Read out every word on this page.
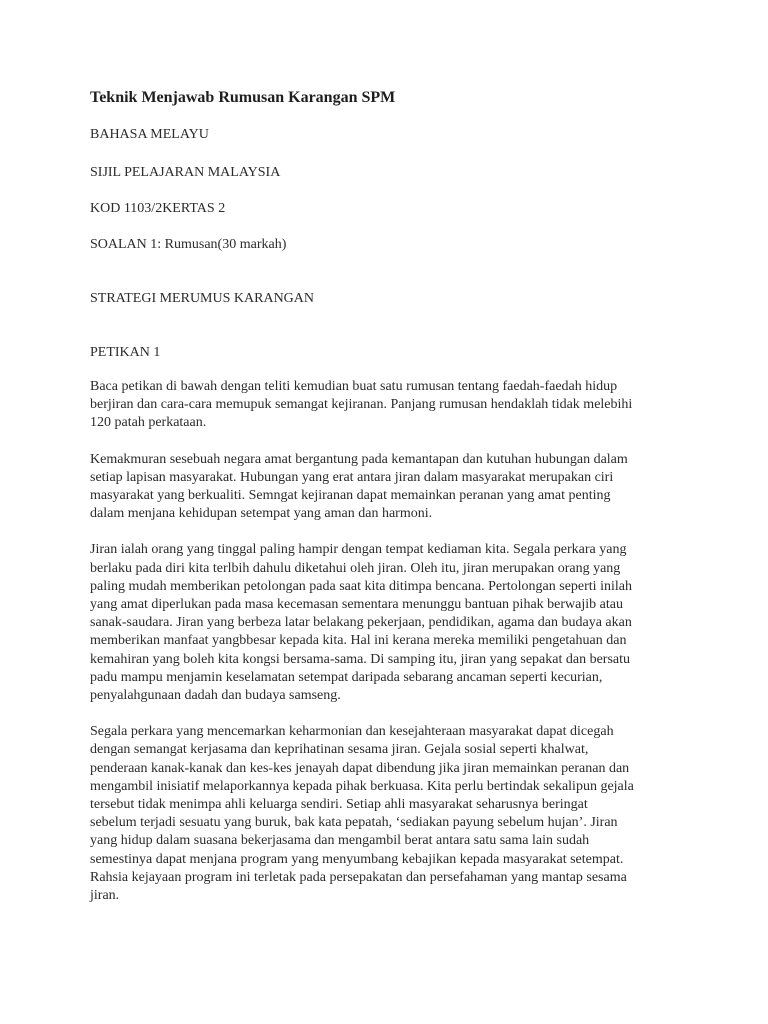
Teknik Menjawab Rumusan Karangan SPM

BAHASA MELAYU

SIJIL PELAJARAN MALAYSIA

KOD 1103/2KERTAS 2

SOALAN 1: Rumusan(30 markah)

STRATEGI MERUMUS KARANGAN

PETIKAN 1

Baca petikan di bawah dengan teliti kemudian buat satu rumusan tentang faedah-faedah hidup
berjiran dan cara-cara memupuk semangat kejiranan. Panjang rumusan hendaklah tidak melebihi
120 patah perkataan.
Kemakmuran sesebuah negara amat bergantung pada kemantapan dan kutuhan hubungan dalam
setiap lapisan masyarakat. Hubungan yang erat antara jiran dalam masyarakat merupakan ciri
masyarakat yang berkualiti. Semngat kejiranan dapat memainkan peranan yang amat penting
dalam menjana kehidupan setempat yang aman dan harmoni.
Jiran ialah orang yang tinggal paling hampir dengan tempat kediaman kita. Segala perkara yang
berlaku pada diri kita terlbih dahulu diketahui oleh jiran. Oleh itu, jiran merupakan orang yang
paling mudah memberikan petolongan pada saat kita ditimpa bencana. Pertolongan seperti inilah
yang amat diperlukan pada masa kecemasan sementara menunggu bantuan pihak berwajib atau
sanak-saudara. Jiran yang berbeza latar belakang pekerjaan, pendidikan, agama dan budaya akan
memberikan manfaat yangbbesar kepada kita. Hal ini kerana mereka memiliki pengetahuan dan
kemahiran yang boleh kita kongsi bersama-sama. Di samping itu, jiran yang sepakat dan bersatu
padu mampu menjamin keselamatan setempat daripada sebarang ancaman seperti kecurian,
penyalahgunaan dadah dan budaya samseng.
Segala perkara yang mencemarkan keharmonian dan kesejahteraan masyarakat dapat dicegah
dengan semangat kerjasama dan keprihatinan sesama jiran. Gejala sosial seperti khalwat,
penderaan kanak-kanak dan kes-kes jenayah dapat dibendung jika jiran memainkan peranan dan
mengambil inisiatif melaporkannya kepada pihak berkuasa. Kita perlu bertindak sekalipun gejala
tersebut tidak menimpa ahli keluarga sendiri. Setiap ahli masyarakat seharusnya beringat
sebelum terjadi sesuatu yang buruk, bak kata pepatah, ‘sediakan payung sebelum hujan’. Jiran
yang hidup dalam suasana bekerjasama dan mengambil berat antara satu sama lain sudah
semestinya dapat menjana program yang menyumbang kebajikan kepada masyarakat setempat.
Rahsia kejayaan program ini terletak pada persepakatan dan persefahaman yang mantap sesama
jiran.
